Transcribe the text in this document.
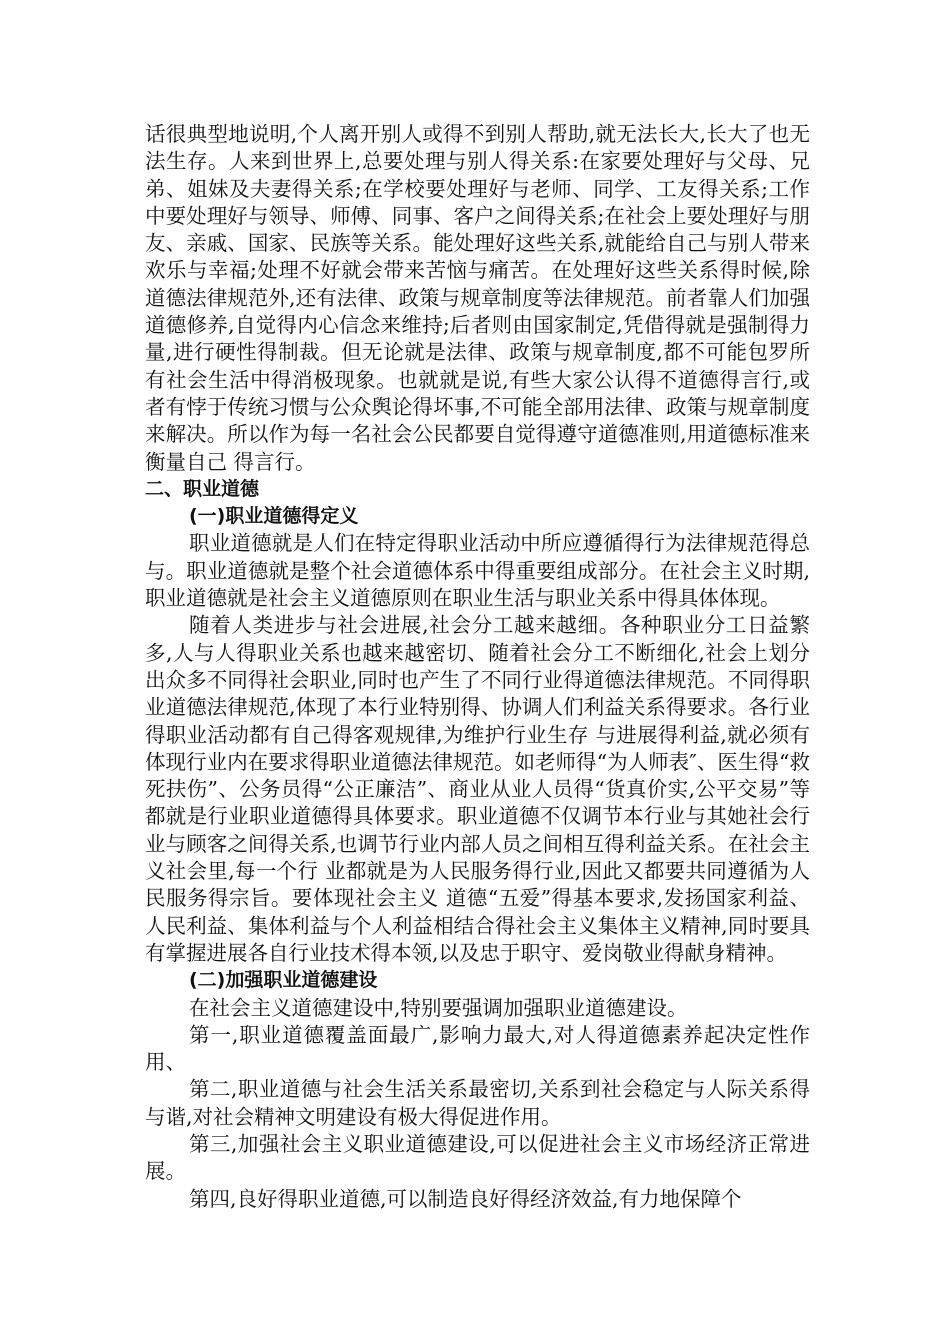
话很典型地说明,个人离开别人或得不到别人帮助,就无法长大,长大了也无法生存。人来到世界上,总要处理与别人得关系:在家要处理好与父母、兄弟、姐妹及夫妻得关系;在学校要处理好与老师、同学、工友得关系;工作中要处理好与领导、师傅、同事、客户之间得关系;在社会上要处理好与朋友、亲戚、国家、民族等关系。能处理好这些关系,就能给自己与别人带来欢乐与幸福;处理不好就会带来苦恼与痛苦。在处理好这些关系得时候,除道德法律规范外,还有法律、政策与规章制度等法律规范。前者靠人们加强道德修养,自觉得内心信念来维持;后者则由国家制定,凭借得就是强制得力量,进行硬性得制裁。但无论就是法律、政策与规章制度,都不可能包罗所有社会生活中得消极现象。也就就是说,有些大家公认得不道德得言行,或者有悖于传统习惯与公众舆论得坏事,不可能全部用法律、政策与规章制度来解决。所以作为每一名社会公民都要自觉得遵守道德准则,用道德标准来衡量自己 得言行。

二、职业道德

(一)职业道德得定义

职业道德就是人们在特定得职业活动中所应遵循得行为法律规范得总与。职业道德就是整个社会道德体系中得重要组成部分。在社会主义时期,职业道德就是社会主义道德原则在职业生活与职业关系中得具体体现。

随着人类进步与社会进展,社会分工越来越细。各种职业分工日益繁多,人与人得职业关系也越来越密切、随着社会分工不断细化,社会上划分出众多不同得社会职业,同时也产生了不同行业得道德法律规范。不同得职业道德法律规范,体现了本行业特别得、协调人们利益关系得要求。各行业得职业活动都有自己得客观规律,为维护行业生存 与进展得利益,就必须有体现行业内在要求得职业道德法律规范。如老师得“为人师表″、医生得“救死扶伤”、公务员得“公正廉洁”、商业从业人员得“货真价实,公平交易”等都就是行业职业道德得具体要求。职业道德不仅调节本行业与其她社会行业与顾客之间得关系,也调节行业内部人员之间相互得利益关系。在社会主义社会里,每一个行 业都就是为人民服务得行业,因此又都要共同遵循为人民服务得宗旨。要体现社会主义 道德“五爱”得基本要求,发扬国家利益、人民利益、集体利益与个人利益相结合得社会主义集体主义精神,同时要具有掌握进展各自行业技术得本领,以及忠于职守、爱岗敬业得献身精神。

(二)加强职业道德建设

在社会主义道德建设中,特别要强调加强职业道德建设。

第一,职业道德覆盖面最广,影响力最大,对人得道德素养起决定性作用、

第二,职业道德与社会生活关系最密切,关系到社会稳定与人际关系得与谐,对社会精神文明建设有极大得促进作用。

第三,加强社会主义职业道德建设,可以促进社会主义市场经济正常进展。

第四,良好得职业道德,可以制造良好得经济效益,有力地保障个
